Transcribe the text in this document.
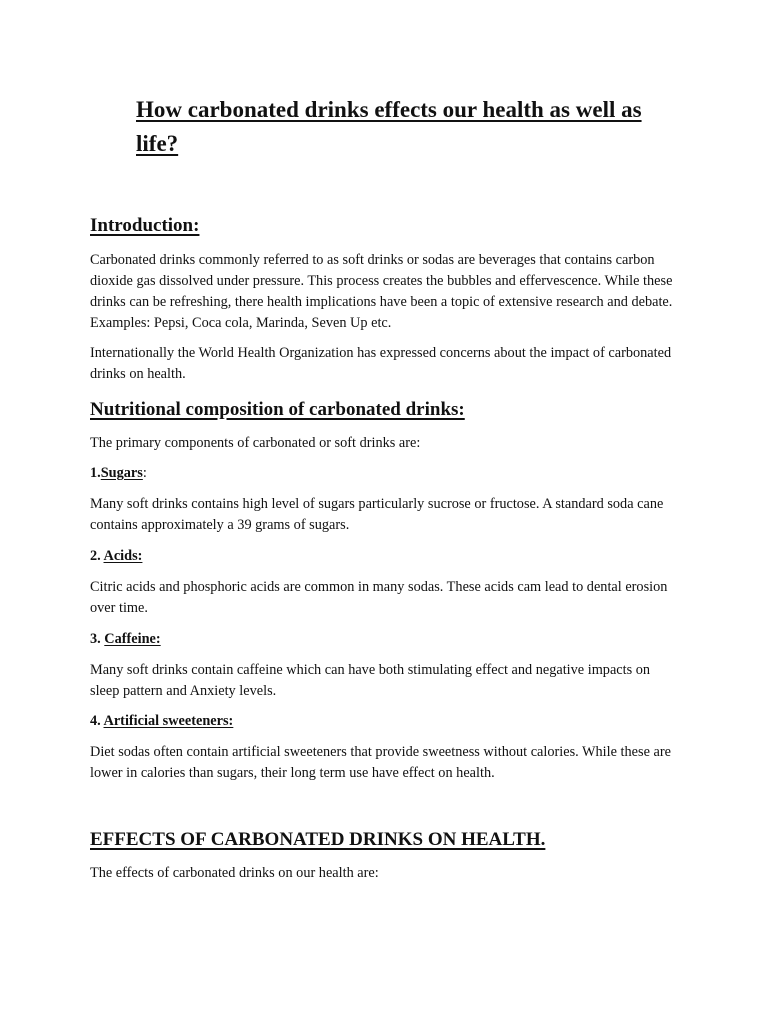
How carbonated drinks effects our health as well as life?
Introduction:

Carbonated drinks commonly referred to as soft drinks or sodas are beverages that contains carbon dioxide gas dissolved under pressure. This process creates the bubbles and effervescence. While these drinks can be refreshing, there health implications have been a topic of extensive research and debate. Examples: Pepsi, Coca cola, Marinda, Seven Up etc.

Internationally the World Health Organization has expressed concerns about the impact of carbonated drinks on health.

Nutritional composition of carbonated drinks:

The primary components of carbonated or soft drinks are:

1.Sugars:

Many soft drinks contains high level of sugars particularly sucrose or fructose. A standard soda cane contains approximately a 39 grams of sugars.

2. Acids:

Citric acids and phosphoric acids are common in many sodas. These acids cam lead to dental erosion over time.

3. Caffeine:

Many soft drinks contain caffeine which can have both stimulating effect and negative impacts on sleep pattern and Anxiety levels.

4. Artificial sweeteners:

Diet sodas often contain artificial sweeteners that provide sweetness without calories. While these are lower in calories than sugars, their long term use have effect on health.

EFFECTS OF CARBONATED DRINKS ON HEALTH.

The effects of carbonated drinks on our health are:
